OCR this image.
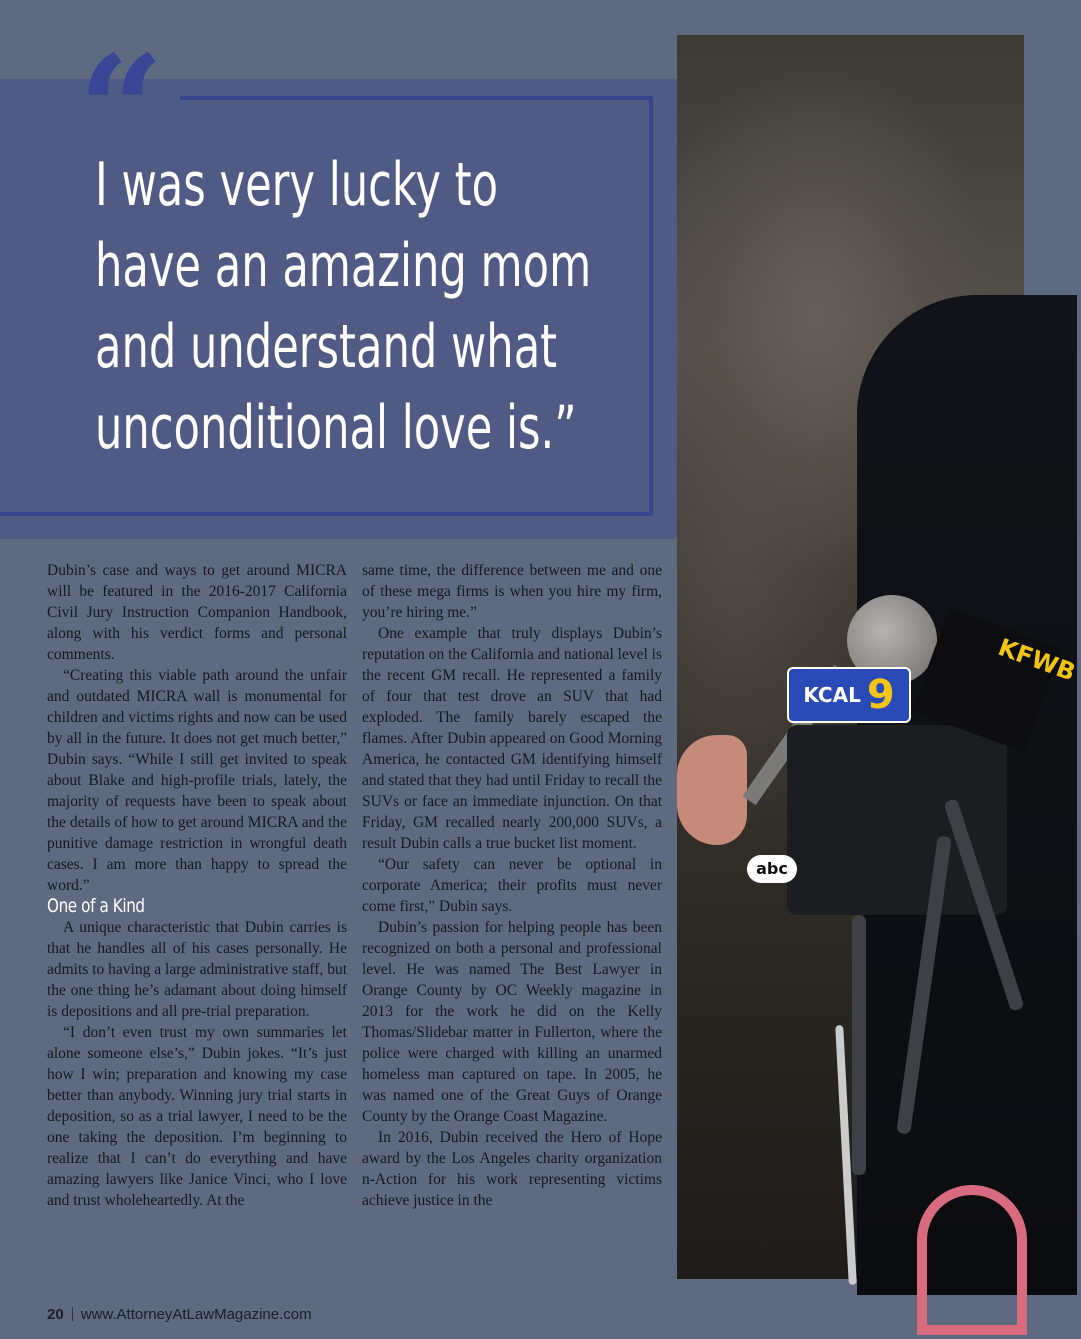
“
I was very lucky to
have an amazing mom
and understand what
unconditional love is.”
KFWB
KCAL 9
abc

Dubin’s case and ways to get around MICRA will be featured in the 2016-2017 California Civil Jury Instruction Companion Handbook, along with his verdict forms and personal comments.

“Creating this viable path around the unfair and outdated MICRA wall is monumental for children and victims rights and now can be used by all in the future. It does not get much better,” Dubin says. “While I still get invited to speak about Blake and high-profile trials, lately, the majority of requests have been to speak about the details of how to get around MICRA and the punitive damage restriction in wrongful death cases. I am more than happy to spread the word.”

One of a Kind

A unique characteristic that Dubin carries is that he handles all of his cases personally. He admits to having a large administrative staff, but the one thing he’s adamant about doing himself is depositions and all pre-trial preparation.

“I don’t even trust my own summaries let alone someone else’s,” Dubin jokes. “It’s just how I win; preparation and knowing my case better than anybody. Winning jury trial starts in deposition, so as a trial lawyer, I need to be the one taking the deposition. I’m beginning to realize that I can’t do everything and have amazing lawyers like Janice Vinci, who I love and trust wholeheartedly. At the

same time, the difference between me and one of these mega firms is when you hire my firm, you’re hiring me.”

One example that truly displays Dubin’s reputation on the California and national level is the recent GM recall. He represented a family of four that test drove an SUV that had exploded. The family barely escaped the flames. After Dubin appeared on Good Morning America, he contacted GM identifying himself and stated that they had until Friday to recall the SUVs or face an immediate injunction. On that Friday, GM recalled nearly 200,000 SUVs, a result Dubin calls a true bucket list moment.

“Our safety can never be optional in corporate America; their profits must never come first,” Dubin says.

Dubin’s passion for helping people has been recognized on both a personal and professional level. He was named The Best Lawyer in Orange County by OC Weekly magazine in 2013 for the work he did on the Kelly Thomas/Slidebar matter in Fullerton, where the police were charged with killing an unarmed homeless man captured on tape. In 2005, he was named one of the Great Guys of Orange County by the Orange Coast Magazine.

In 2016, Dubin received the Hero of Hope award by the Los Angeles charity organization n-Action for his work representing victims achieve justice in the

20 www.AttorneyAtLawMagazine.com
